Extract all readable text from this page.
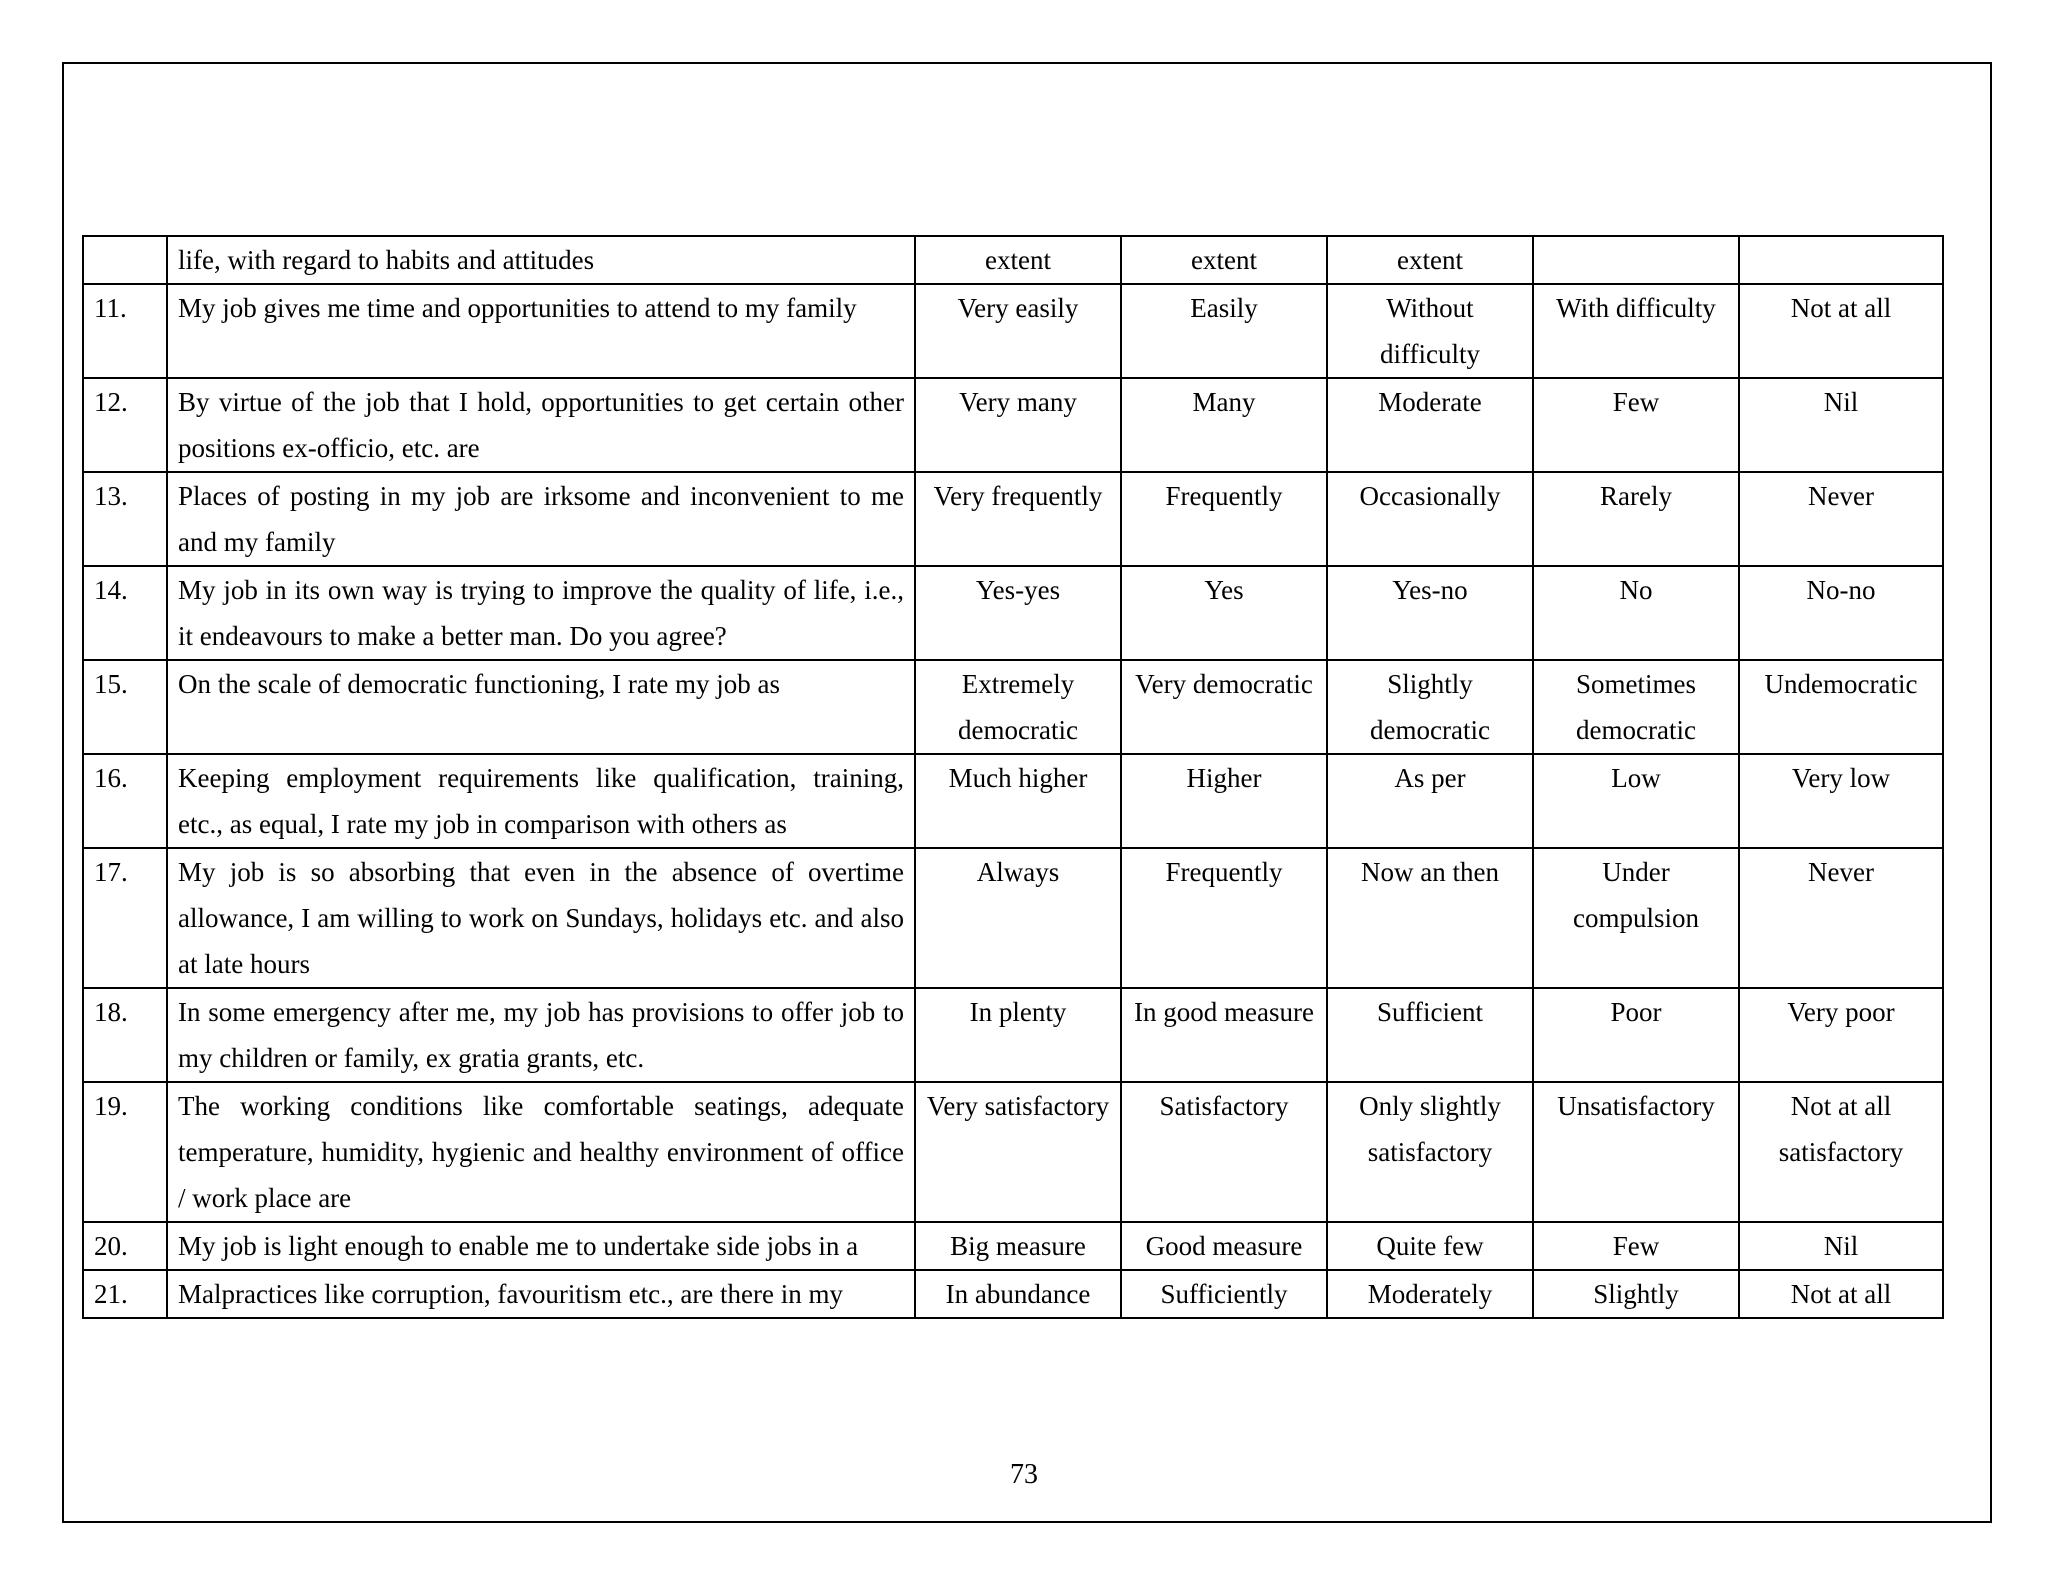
	life, with regard to habits and attitudes	extent	extent	extent		
11.	My job gives me time and opportunities to attend to my family	Very easily	Easily	Without difficulty	With difficulty	Not at all
12.	By virtue of the job that I hold, opportunities to get certain other positions ex-officio, etc. are	Very many	Many	Moderate	Few	Nil
13.	Places of posting in my job are irksome and inconvenient to me and my family	Very frequently	Frequently	Occasionally	Rarely	Never
14.	My job in its own way is trying to improve the quality of life, i.e., it endeavours to make a better man. Do you agree?	Yes-yes	Yes	Yes-no	No	No-no
15.	On the scale of democratic functioning, I rate my job as	Extremely democratic	Very democratic	Slightly democratic	Sometimes democratic	Undemocratic
16.	Keeping employment requirements like qualification, training, etc., as equal, I rate my job in comparison with others as	Much higher	Higher	As per	Low	Very low
17.	My job is so absorbing that even in the absence of overtime allowance, I am willing to work on Sundays, holidays etc. and also at late hours	Always	Frequently	Now an then	Under compulsion	Never
18.	In some emergency after me, my job has provisions to offer job to my children or family, ex gratia grants, etc.	In plenty	In good measure	Sufficient	Poor	Very poor
19.	The working conditions like comfortable seatings, adequate temperature, humidity, hygienic and healthy environment of office / work place are	Very satisfactory	Satisfactory	Only slightly satisfactory	Unsatisfactory	Not at all satisfactory
20.	My job is light enough to enable me to undertake side jobs in a	Big measure	Good measure	Quite few	Few	Nil
21.	Malpractices like corruption, favouritism etc., are there in my	In abundance	Sufficiently	Moderately	Slightly	Not at all
73
